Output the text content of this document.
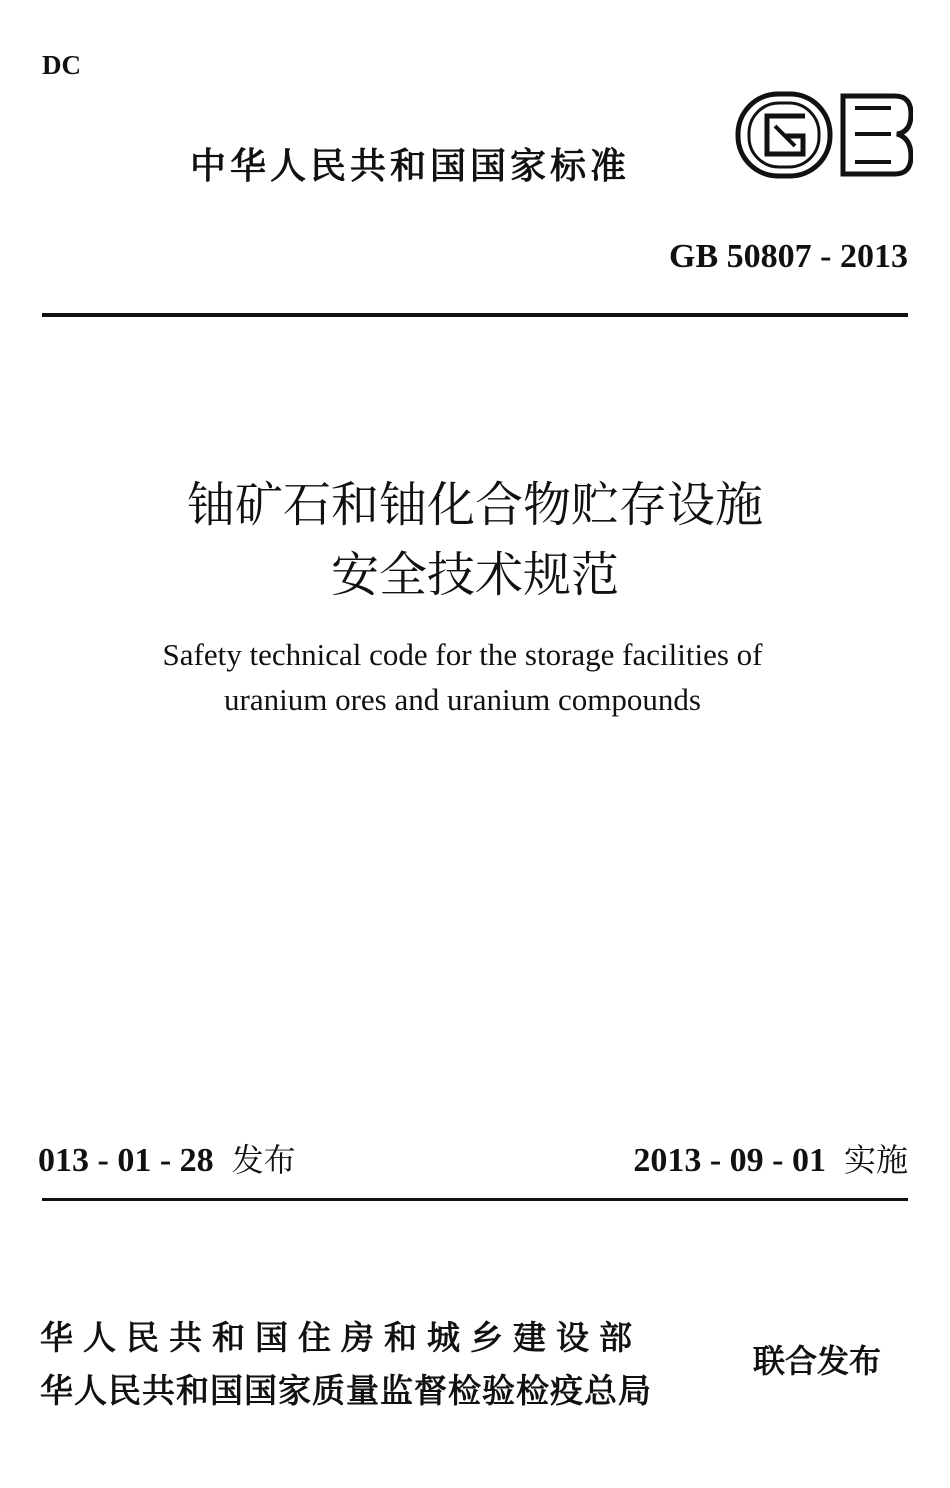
DC
中华人民共和国国家标准
GB
GB 50807 - 2013
铀矿石和铀化合物贮存设施
安全技术规范
Safety technical code for the storage facilities of
uranium ores and uranium compounds
013 - 01 - 28 发布	2013 - 09 - 01 实施
华人民共和国住房和城乡建设部
华人民共和国国家质量监督检验检疫总局
联合发布
